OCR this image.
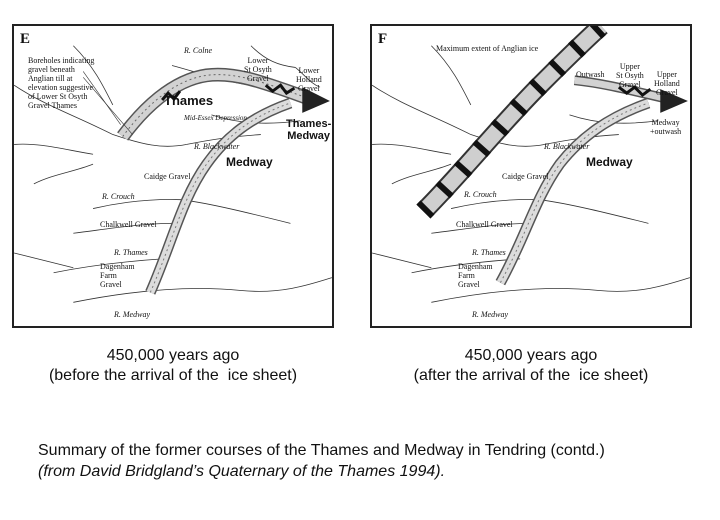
E
Boreholes indicating
gravel beneath
Anglian till at
elevation suggestive
of Lower St Osyth
Gravel Thames
R. Colne
Lower
St Osyth
Gravel
Lower
Holland
Gravel
Thames
Mid-Essex Depression	Thames-
Medway
R. Blackwater
Medway
Caidge Gravel
R. Crouch
Chalkwell Gravel
R. Thames
Dagenham
Farm
Gravel
R. Medway
F
Maximum extent of Anglian ice
Outwash
Upper
St Osyth
Gravel
Upper
Holland
Gravel
Medway
+outwash
R. Blackwater
Medway
Caidge Gravel
R. Crouch
Chalkwell Gravel
R. Thames
Dagenham
Farm
Gravel
R. Medway
450,000 years ago
(before the arrival of the  ice sheet)
450,000 years ago
(after the arrival of the  ice sheet)
Summary of the former courses of the Thames and Medway in Tendring (contd.)
(from David Bridgland’s Quaternary of the Thames 1994).
